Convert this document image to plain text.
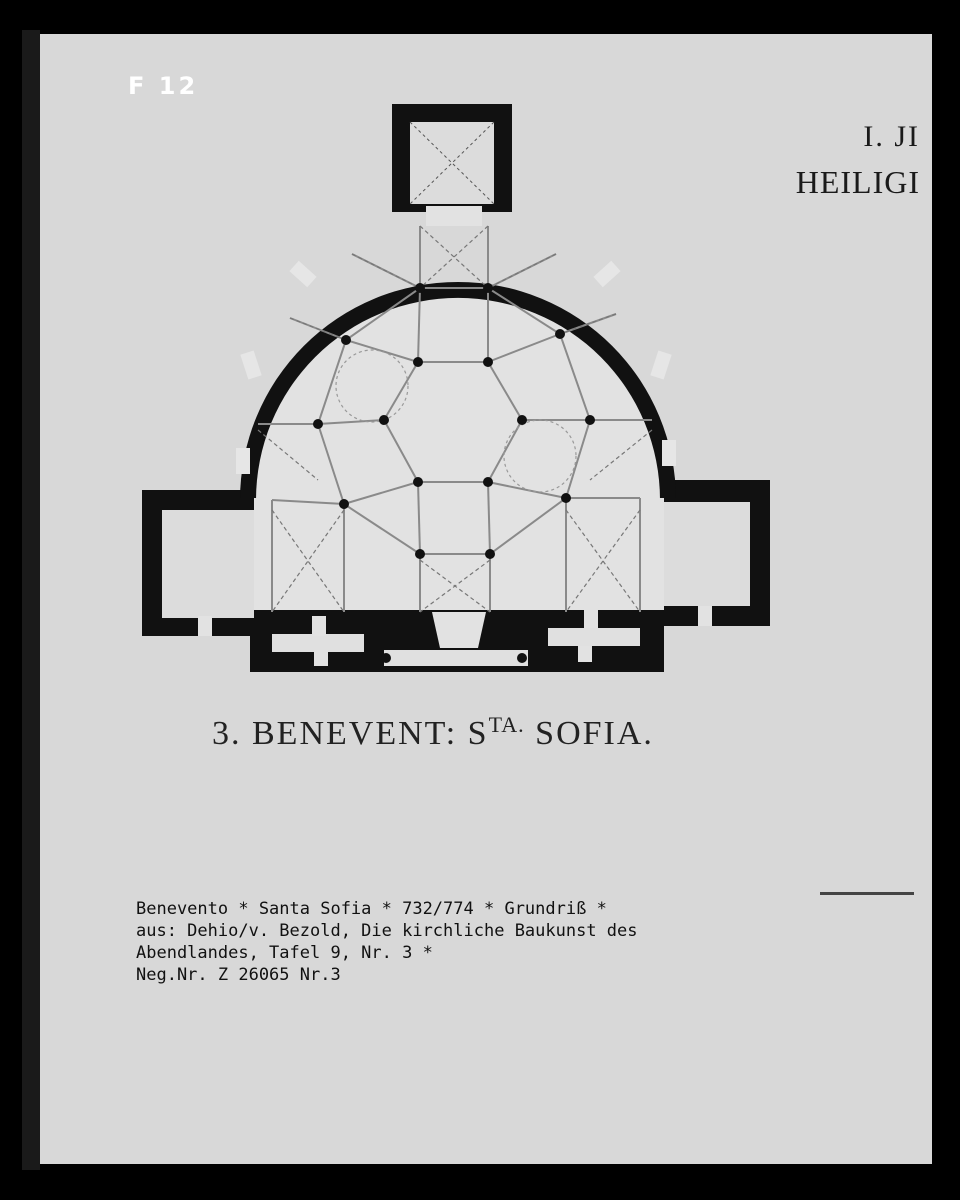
F 12
I. JI
HEILIGI
3. BENEVENT: $S^{TA.}$ SOFIA.
Benevento * Santa Sofia * 732/774 * Grundriß *
aus: Dehio/v. Bezold, Die kirchliche Baukunst des
Abendlandes, Tafel 9, Nr. 3 *
Neg.Nr. Z 26065 Nr.3
